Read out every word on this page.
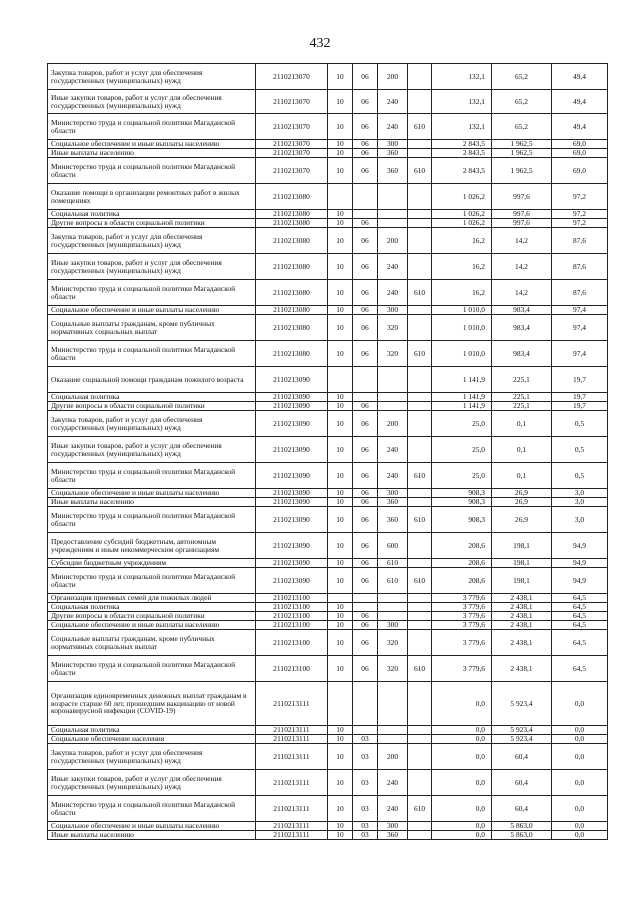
432
Закупка товаров, работ и услуг для обеспечения государственных (муниципальных) нужд	2110213070	10	06	200		132,1	65,2	49,4
Иные закупки товаров, работ и услуг для обеспечения государственных (муниципальных) нужд	2110213070	10	06	240		132,1	65,2	49,4
Министерство труда и социальной политики Магаданской области	2110213070	10	06	240	610	132,1	65,2	49,4
Социальное обеспечение и иные выплаты населению	2110213070	10	06	300		2 843,5	1 962,5	69,0
Иные выплаты населению	2110213070	10	06	360		2 843,5	1 962,5	69,0
Министерство труда и социальной политики Магаданской области	2110213070	10	06	360	610	2 843,5	1 962,5	69,0
Оказание помощи в организации ремонтных работ в жилых помещениях	2110213080					1 026,2	997,6	97,2
Социальная политика	2110213080	10				1 026,2	997,6	97,2
Другие вопросы в области социальной политики	2110213080	10	06			1 026,2	997,6	97,2
Закупка товаров, работ и услуг для обеспечения государственных (муниципальных) нужд	2110213080	10	06	200		16,2	14,2	87,6
Иные закупки товаров, работ и услуг для обеспечения государственных (муниципальных) нужд	2110213080	10	06	240		16,2	14,2	87,6
Министерство труда и социальной политики Магаданской области	2110213080	10	06	240	610	16,2	14,2	87,6
Социальное обеспечение и иные выплаты населению	2110213080	10	06	300		1 010,0	983,4	97,4
Социальные выплаты гражданам, кроме публичных нормативных социальных выплат	2110213080	10	06	320		1 010,0	983,4	97,4
Министерство труда и социальной политики Магаданской области	2110213080	10	06	320	610	1 010,0	983,4	97,4
Оказание социальной помощи гражданам пожилого возраста	2110213090					1 141,9	225,1	19,7
Социальная политика	2110213090	10				1 141,9	225,1	19,7
Другие вопросы в области социальной политики	2110213090	10	06			1 141,9	225,1	19,7
Закупка товаров, работ и услуг для обеспечения государственных (муниципальных) нужд	2110213090	10	06	200		25,0	0,1	0,5
Иные закупки товаров, работ и услуг для обеспечения государственных (муниципальных) нужд	2110213090	10	06	240		25,0	0,1	0,5
Министерство труда и социальной политики Магаданской области	2110213090	10	06	240	610	25,0	0,1	0,5
Социальное обеспечение и иные выплаты населению	2110213090	10	06	300		908,3	26,9	3,0
Иные выплаты населению	2110213090	10	06	360		908,3	26,9	3,0
Министерство труда и социальной политики Магаданской области	2110213090	10	06	360	610	908,3	26,9	3,0
Предоставление субсидий бюджетным, автономным учреждениям и иным некоммерческим организациям	2110213090	10	06	600		208,6	198,1	94,9
Субсидии бюджетным учреждениям	2110213090	10	06	610		208,6	198,1	94,9
Министерство труда и социальной политики Магаданской области	2110213090	10	06	610	610	208,6	198,1	94,9
Организация приемных семей для пожилых людей	2110213100					3 779,6	2 438,1	64,5
Социальная политика	2110213100	10				3 779,6	2 438,1	64,5
Другие вопросы в области социальной политики	2110213100	10	06			3 779,6	2 438,1	64,5
Социальное обеспечение и иные выплаты населению	2110213100	10	06	300		3 779,6	2 438,1	64,5
Социальные выплаты гражданам, кроме публичных нормативных социальных выплат	2110213100	10	06	320		3 779,6	2 438,1	64,5
Министерство труда и социальной политики Магаданской области	2110213100	10	06	320	610	3 779,6	2 438,1	64,5
Организация единовременных денежных выплат гражданам в возрасте старше 60 лет, прошедшим вакцинацию от новой коронавирусной инфекции (COVID-19)	2110213111					0,0	5 923,4	0,0
Социальная политика	2110213111	10				0,0	5 923,4	0,0
Социальное обеспечение населения	2110213111	10	03			0,0	5 923,4	0,0
Закупка товаров, работ и услуг для обеспечения государственных (муниципальных) нужд	2110213111	10	03	200		0,0	60,4	0,0
Иные закупки товаров, работ и услуг для обеспечения государственных (муниципальных) нужд	2110213111	10	03	240		0,0	60,4	0,0
Министерство труда и социальной политики Магаданской области	2110213111	10	03	240	610	0,0	60,4	0,0
Социальное обеспечение и иные выплаты населению	2110213111	10	03	300		0,0	5 863,0	0,0
Иные выплаты населению	2110213111	10	03	360		0,0	5 863,0	0,0
